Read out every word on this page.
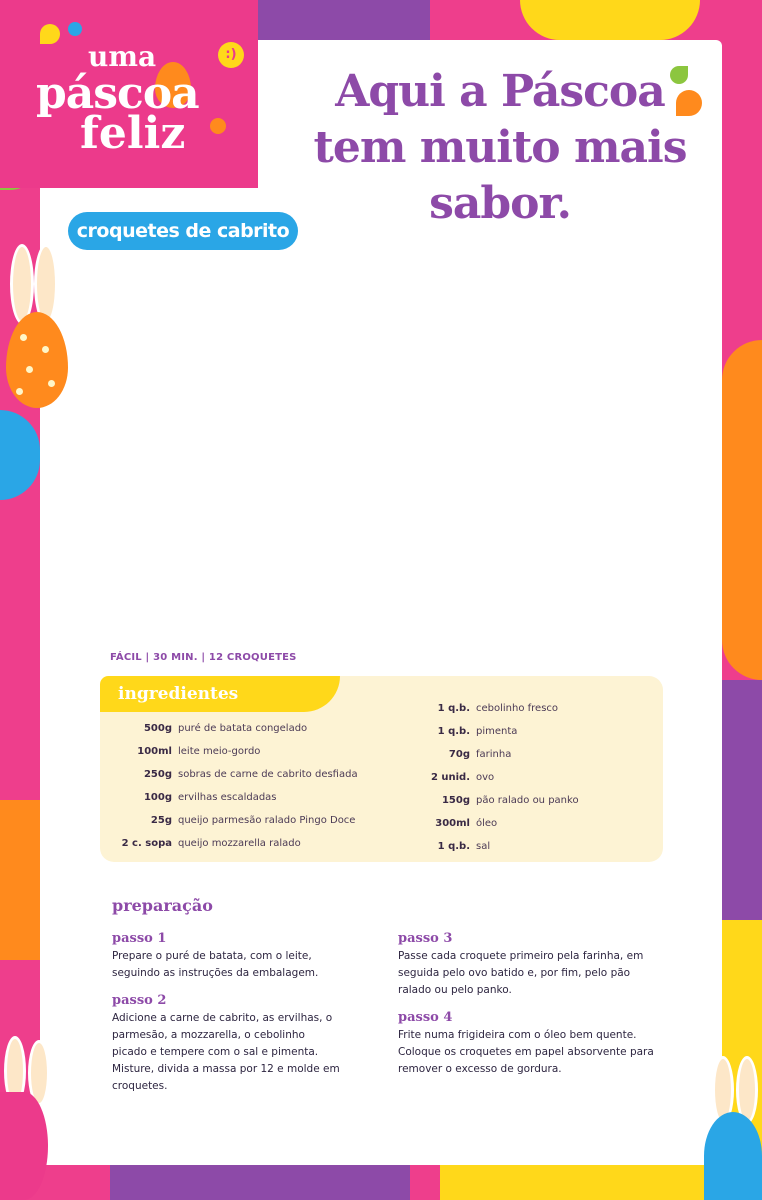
uma
páscoa
feliz
:)
Aqui a Páscoa tem muito mais sabor.
croquetes de cabrito
FÁCIL | 30 MIN. | 12 CROQUETES
ingredientes
500g puré de batata congelado
100ml leite meio-gordo
250g sobras de carne de cabrito desfiada
100g ervilhas escaldadas
25g queijo parmesão ralado Pingo Doce
2 c. sopa queijo mozzarella ralado
1 q.b. cebolinho fresco
1 q.b. pimenta
70g farinha
2 unid. ovo
150g pão ralado ou panko
300ml óleo
1 q.b. sal
preparação
passo 1
Prepare o puré de batata, com o leite, seguindo as instruções da embalagem.
passo 2
Adicione a carne de cabrito, as ervilhas, o parmesão, a mozzarella, o cebolinho picado e tempere com o sal e pimenta. Misture, divida a massa por 12 e molde em croquetes.
passo 3
Passe cada croquete primeiro pela farinha, em seguida pelo ovo batido e, por fim, pelo pão ralado ou pelo panko.
passo 4
Frite numa frigideira com o óleo bem quente. Coloque os croquetes em papel absorvente para remover o excesso de gordura.
